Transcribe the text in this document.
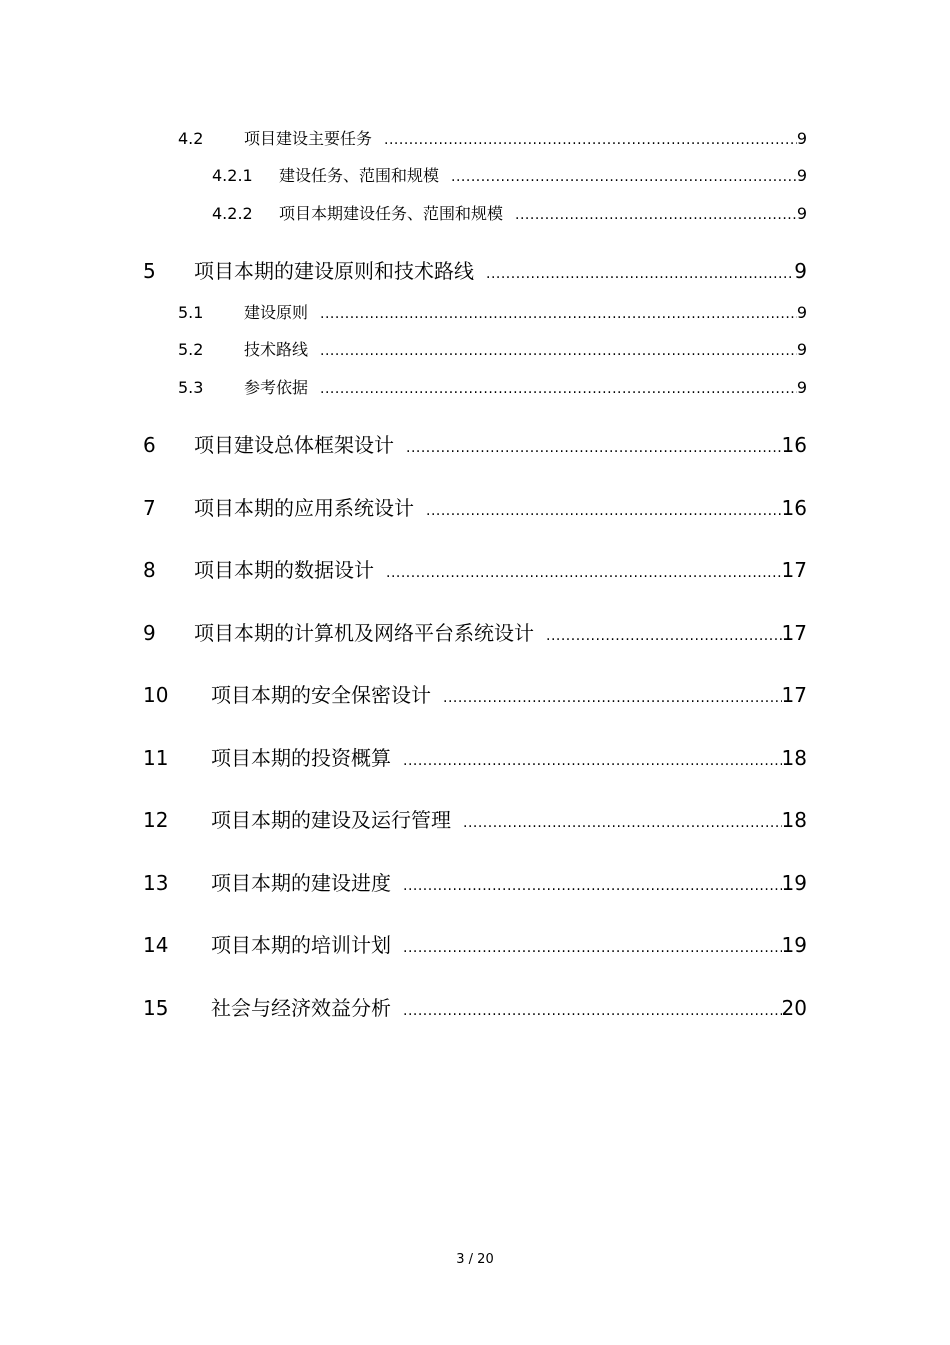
4.2	项目建设主要任务 .....	9
4.2.1	建设任务、范围和规模 .....	9
4.2.2	项目本期建设任务、范围和规模 .....	9
5	项目本期的建设原则和技术路线 .....	9
5.1	建设原则 .....	9
5.2	技术路线 .....	9
5.3	参考依据 .....	9
6	项目建设总体框架设计 .....	16
7	项目本期的应用系统设计 .....	16
8	项目本期的数据设计 .....	17
9	项目本期的计算机及网络平台系统设计 .....	17
10	项目本期的安全保密设计 .....	17
11	项目本期的投资概算 .....	18
12	项目本期的建设及运行管理 .....	18
13	项目本期的建设进度 .....	19
14	项目本期的培训计划 .....	19
15	社会与经济效益分析 .....	20
3 / 20
